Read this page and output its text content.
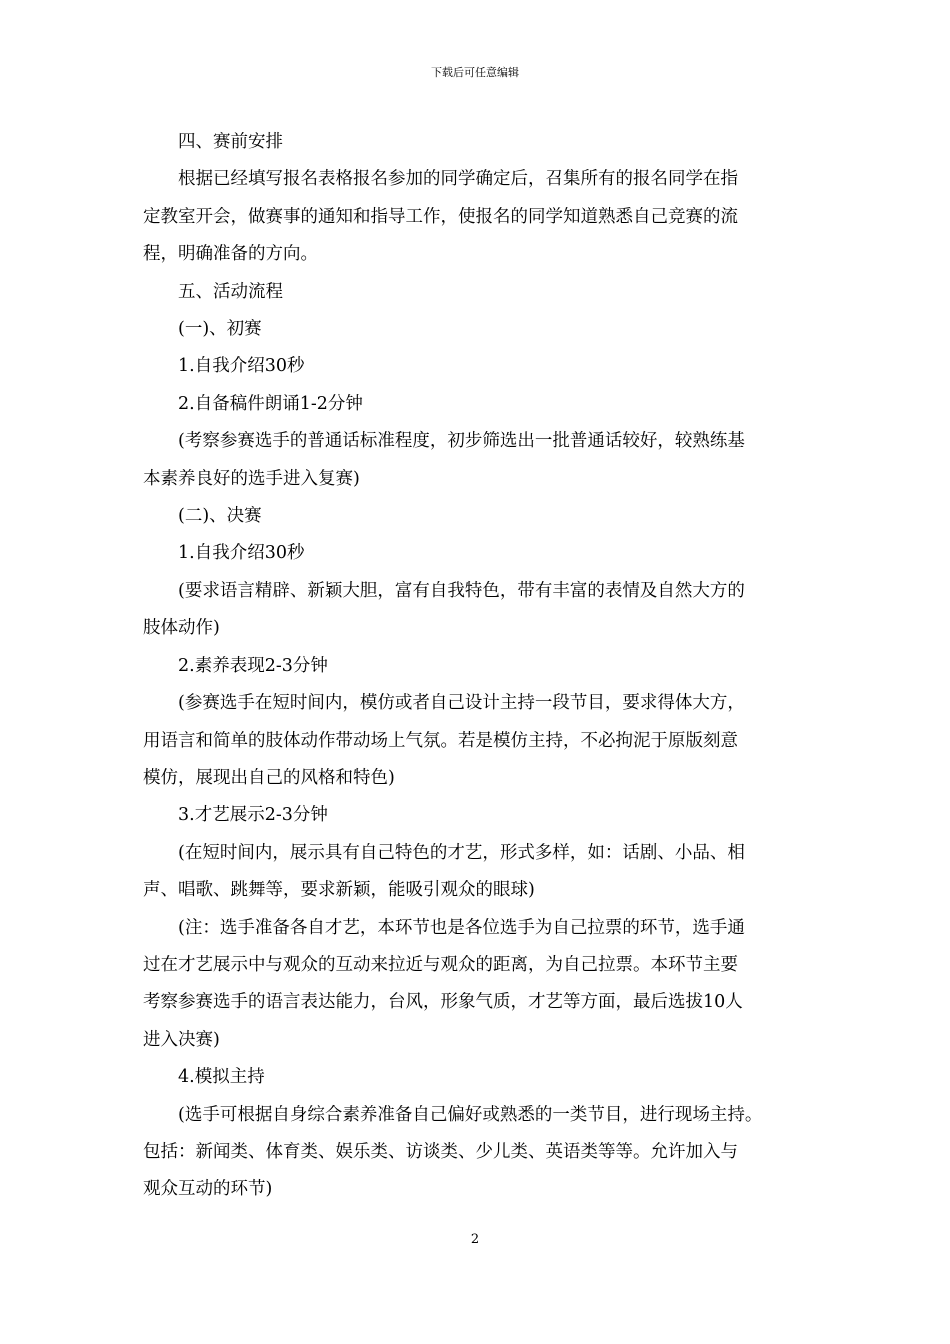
下载后可任意编辑

四、赛前安排

根据已经填写报名表格报名参加的同学确定后，召集所有的报名同学在指

定教室开会，做赛事的通知和指导工作，使报名的同学知道熟悉自己竞赛的流

程，明确准备的方向。

五、活动流程

(一)、初赛

1.自我介绍30秒

2.自备稿件朗诵1-2分钟

(考察参赛选手的普通话标准程度，初步筛选出一批普通话较好，较熟练基

本素养良好的选手进入复赛)

(二)、决赛

1.自我介绍30秒

(要求语言精辟、新颖大胆，富有自我特色，带有丰富的表情及自然大方的

肢体动作)

2.素养表现2-3分钟

(参赛选手在短时间内，模仿或者自己设计主持一段节目，要求得体大方，

用语言和简单的肢体动作带动场上气氛。若是模仿主持，不必拘泥于原版刻意

模仿，展现出自己的风格和特色)

3.才艺展示2-3分钟

(在短时间内，展示具有自己特色的才艺，形式多样，如：话剧、小品、相

声、唱歌、跳舞等，要求新颖，能吸引观众的眼球)

(注：选手准备各自才艺，本环节也是各位选手为自己拉票的环节，选手通

过在才艺展示中与观众的互动来拉近与观众的距离，为自己拉票。本环节主要

考察参赛选手的语言表达能力，台风，形象气质，才艺等方面，最后选拔10人

进入决赛)

4.模拟主持

(选手可根据自身综合素养准备自己偏好或熟悉的一类节目，进行现场主持。

包括：新闻类、体育类、娱乐类、访谈类、少儿类、英语类等等。允许加入与

观众互动的环节)

2
